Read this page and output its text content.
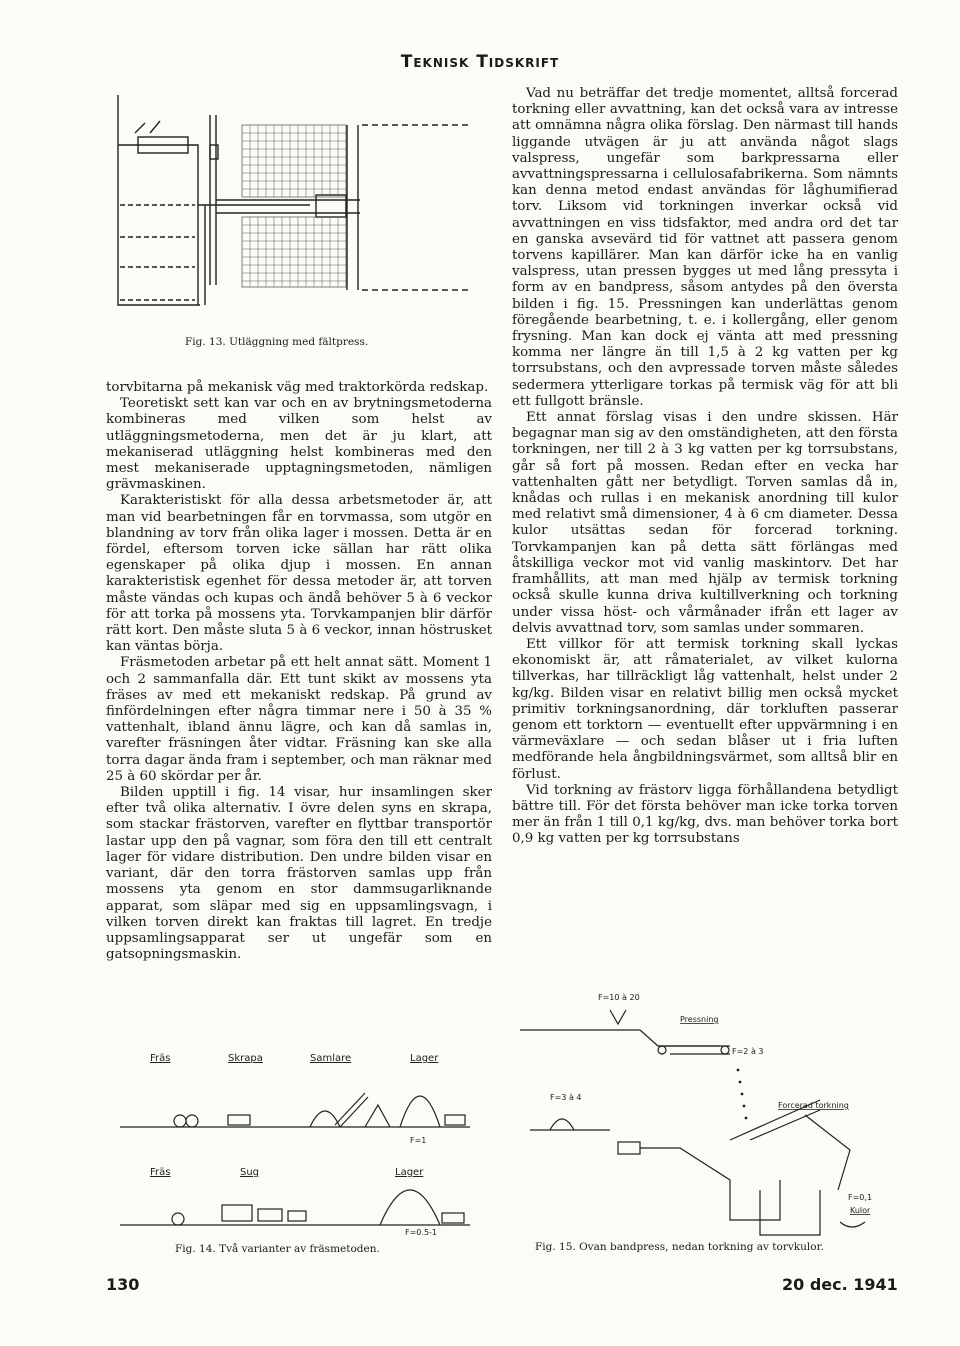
Teknisk Tidskrift
Fig. 13. Utläggning med fältpress.

torvbitarna på mekanisk väg med traktorkörda redskap.

Teoretiskt sett kan var och en av brytningsmetoderna kombineras med vilken som helst av utläggningsmetoderna, men det är ju klart, att mekaniserad utläggning helst kombineras med den mest mekaniserade upptagningsmetoden, nämligen grävmaskinen.

Karakteristiskt för alla dessa arbetsmetoder är, att man vid bearbetningen får en torvmassa, som utgör en blandning av torv från olika lager i mossen. Detta är en fördel, eftersom torven icke sällan har rätt olika egenskaper på olika djup i mossen. En annan karakteristisk egenhet för dessa metoder är, att torven måste vändas och kupas och ändå behöver 5 à 6 veckor för att torka på mossens yta. Torvkampanjen blir därför rätt kort. Den måste sluta 5 à 6 veckor, innan höstrusket kan väntas börja.

Fräsmetoden arbetar på ett helt annat sätt. Moment 1 och 2 sammanfalla där. Ett tunt skikt av mossens yta fräses av med ett mekaniskt redskap. På grund av finfördelningen efter några timmar nere i 50 à 35 % vattenhalt, ibland ännu lägre, och kan då samlas in, varefter fräsningen åter vidtar. Fräsning kan ske alla torra dagar ända fram i september, och man räknar med 25 à 60 skördar per år.

Bilden upptill i fig. 14 visar, hur insamlingen sker efter två olika alternativ. I övre delen syns en skrapa, som stackar frästorven, varefter en flyttbar transportör lastar upp den på vagnar, som föra den till ett centralt lager för vidare distribution. Den undre bilden visar en variant, där den torra frästorven samlas upp från mossens yta genom en stor dammsugarliknande apparat, som släpar med sig en uppsamlingsvagn, i vilken torven direkt kan fraktas till lagret. En tredje uppsamlingsapparat ser ut ungefär som en gatsopningsmaskin.

Vad nu beträffar det tredje momentet, alltså forcerad torkning eller avvattning, kan det också vara av intresse att omnämna några olika förslag. Den närmast till hands liggande utvägen är ju att använda något slags valspress, ungefär som barkpressarna eller avvattningspressarna i cellulosafabrikerna. Som nämnts kan denna metod endast användas för låghumifierad torv. Liksom vid torkningen inverkar också vid avvattningen en viss tidsfaktor, med andra ord det tar en ganska avsevärd tid för vattnet att passera genom torvens kapillärer. Man kan därför icke ha en vanlig valspress, utan pressen bygges ut med lång pressyta i form av en bandpress, såsom antydes på den översta bilden i fig. 15. Pressningen kan underlättas genom föregående bearbetning, t. e. i kollergång, eller genom frysning. Man kan dock ej vänta att med pressning komma ner längre än till 1,5 à 2 kg vatten per kg torrsubstans, och den avpressade torven måste således sedermera ytterligare torkas på termisk väg för att bli ett fullgott bränsle.

Ett annat förslag visas i den undre skissen. Här begagnar man sig av den omständigheten, att den första torkningen, ner till 2 à 3 kg vatten per kg torrsubstans, går så fort på mossen. Redan efter en vecka har vattenhalten gått ner betydligt. Torven samlas då in, knådas och rullas i en mekanisk anordning till kulor med relativt små dimensioner, 4 à 6 cm diameter. Dessa kulor utsättas sedan för forcerad torkning. Torvkampanjen kan på detta sätt förlängas med åtskilliga veckor mot vid vanlig maskintorv. Det har framhållits, att man med hjälp av termisk torkning också skulle kunna driva kultillverkning och torkning under vissa höst- och vårmånader ifrån ett lager av delvis avvattnad torv, som samlas under sommaren.

Ett villkor för att termisk torkning skall lyckas ekonomiskt är, att råmaterialet, av vilket kulorna tillverkas, har tillräckligt låg vattenhalt, helst under 2 kg/kg. Bilden visar en relativt billig men också mycket primitiv torkningsanordning, där torkluften passerar genom ett torktorn — eventuellt efter uppvärmning i en värmeväxlare — och sedan blåser ut i fria luften medförande hela ångbildningsvärmet, som alltså blir en förlust.

Vid torkning av frästorv ligga förhållandena betydligt bättre till. För det första behöver man icke torka torven mer än från 1 till 0,1 kg/kg, dvs. man behöver torka bort 0,9 kg vatten per kg torrsubstans

Fräs	Skrapa	Samlare	Lager
F=1
Fräs	Sug	Lager
F=0,5-1
Fig. 14. Två varianter av fräsmetoden.
F=10 à 20
Pressning
F=2 à 3
F=3 à 4
Forcerad torkning
F=0,1
Kulor
Fig. 15. Ovan bandpress, nedan torkning av torvkulor.
130	20 dec. 1941
